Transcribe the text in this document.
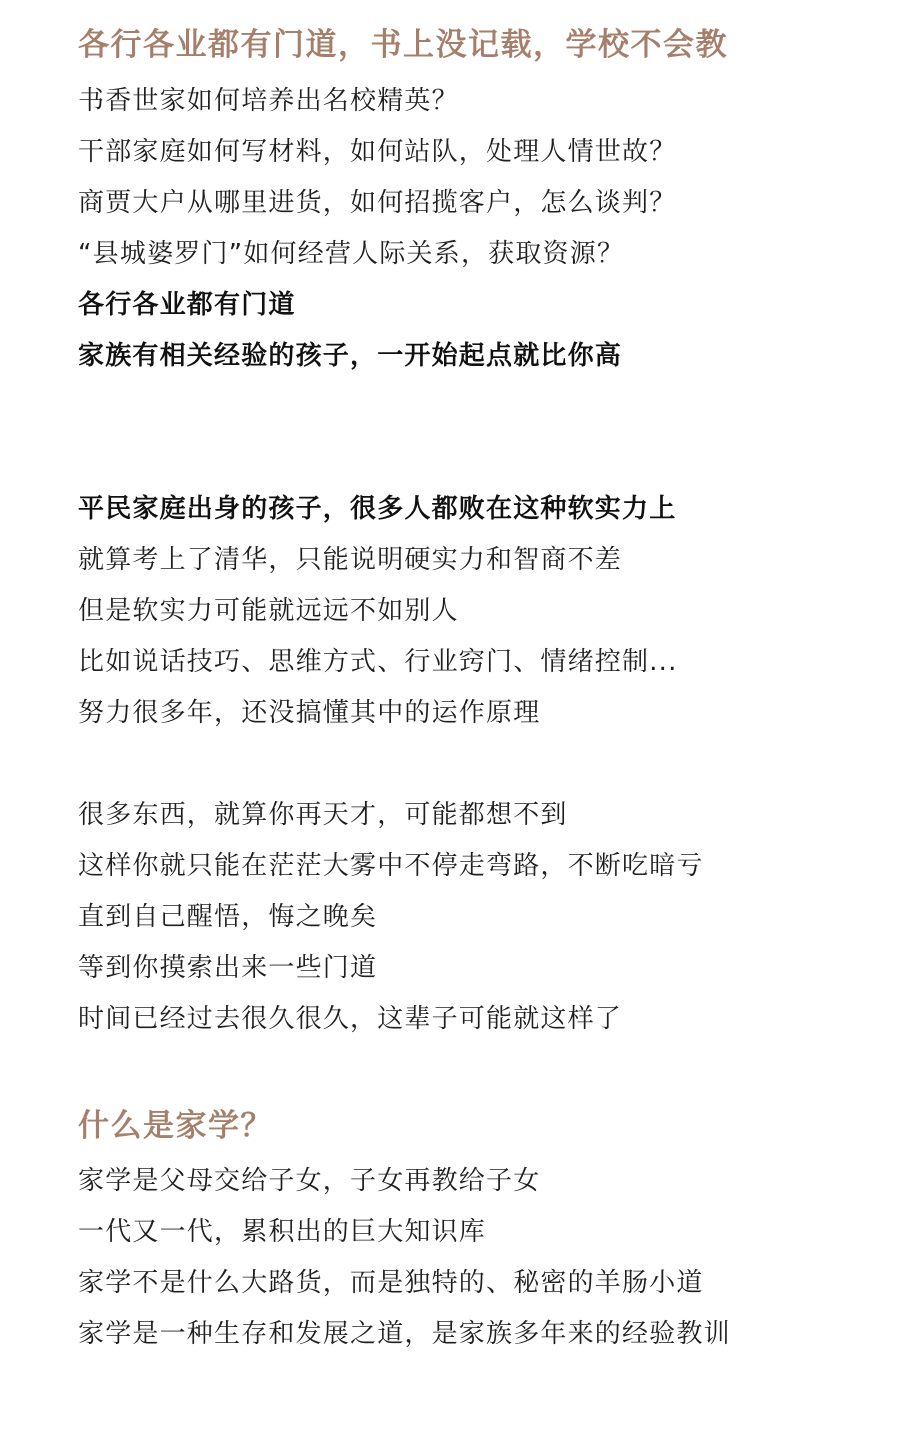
各行各业都有门道，书上没记载，学校不会教
书香世家如何培养出名校精英？
干部家庭如何写材料，如何站队，处理人情世故？
商贾大户从哪里进货，如何招揽客户，怎么谈判？
“县城婆罗门”如何经营人际关系，获取资源？
各行各业都有门道
家族有相关经验的孩子，一开始起点就比你高
平民家庭出身的孩子，很多人都败在这种软实力上
就算考上了清华，只能说明硬实力和智商不差
但是软实力可能就远远不如别人
比如说话技巧、思维方式、行业窍门、情绪控制...
努力很多年，还没搞懂其中的运作原理
很多东西，就算你再天才，可能都想不到
这样你就只能在茫茫大雾中不停走弯路，不断吃暗亏
直到自己醒悟，悔之晚矣
等到你摸索出来一些门道
时间已经过去很久很久，这辈子可能就这样了
什么是家学？
家学是父母交给子女，子女再教给子女
一代又一代，累积出的巨大知识库
家学不是什么大路货，而是独特的、秘密的羊肠小道
家学是一种生存和发展之道，是家族多年来的经验教训
